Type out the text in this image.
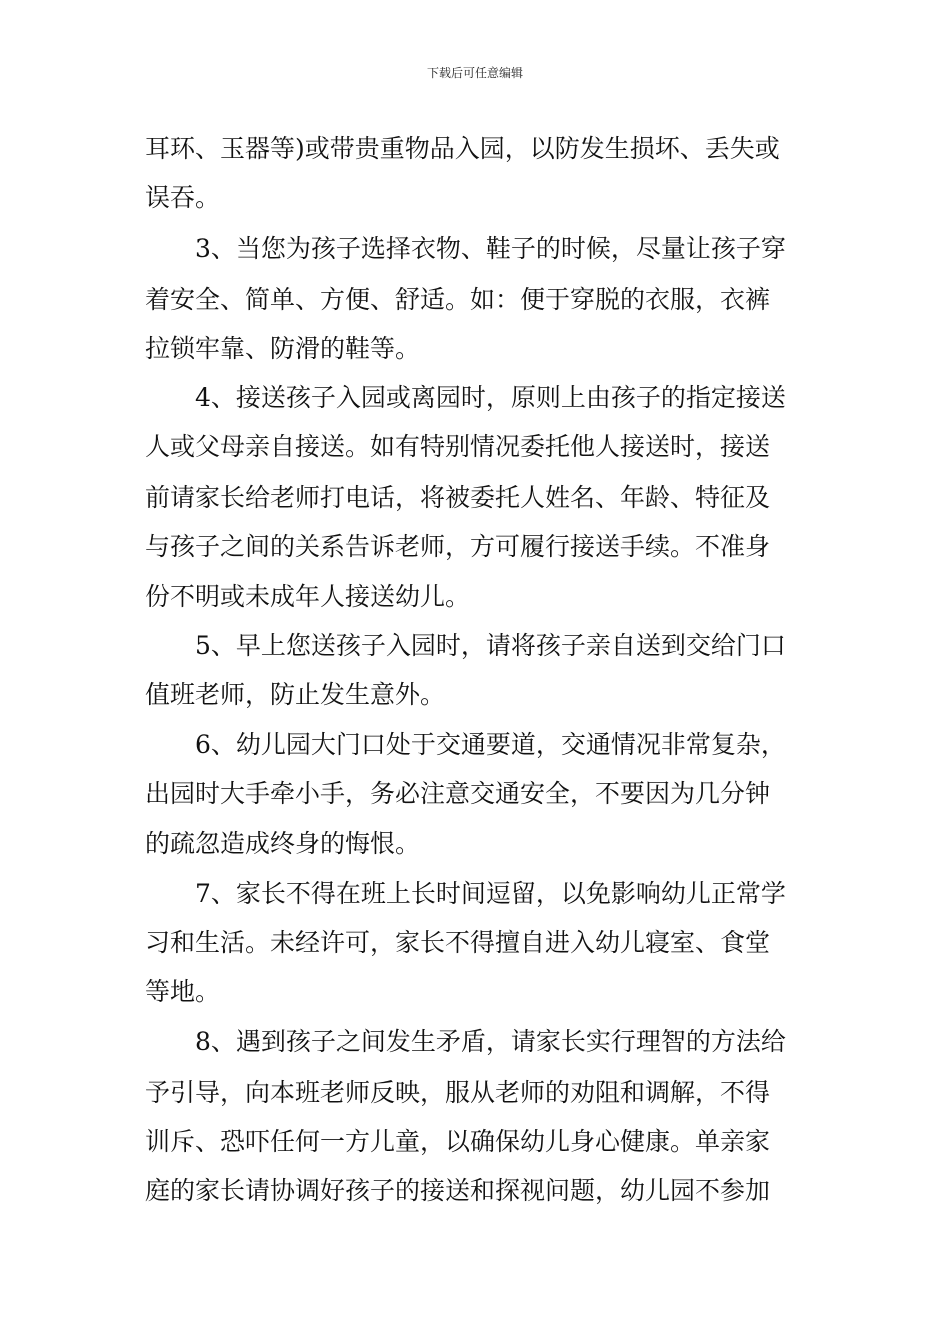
下载后可任意编辑
耳环、玉器等)或带贵重物品入园，以防发生损坏、丢失或
误吞。
　　3、当您为孩子选择衣物、鞋子的时候，尽量让孩子穿
着安全、简单、方便、舒适。如：便于穿脱的衣服，衣裤
拉锁牢靠、防滑的鞋等。
　　4、接送孩子入园或离园时，原则上由孩子的指定接送
人或父母亲自接送。如有特别情况委托他人接送时，接送
前请家长给老师打电话，将被委托人姓名、年龄、特征及
与孩子之间的关系告诉老师，方可履行接送手续。不准身
份不明或未成年人接送幼儿。
　　5、早上您送孩子入园时，请将孩子亲自送到交给门口
值班老师，防止发生意外。
　　6、幼儿园大门口处于交通要道，交通情况非常复杂，
出园时大手牵小手，务必注意交通安全，不要因为几分钟
的疏忽造成终身的悔恨。
　　7、家长不得在班上长时间逗留，以免影响幼儿正常学
习和生活。未经许可，家长不得擅自进入幼儿寝室、食堂
等地。
　　8、遇到孩子之间发生矛盾，请家长实行理智的方法给
予引导，向本班老师反映，服从老师的劝阻和调解，不得
训斥、恐吓任何一方儿童，以确保幼儿身心健康。单亲家
庭的家长请协调好孩子的接送和探视问题，幼儿园不参加
